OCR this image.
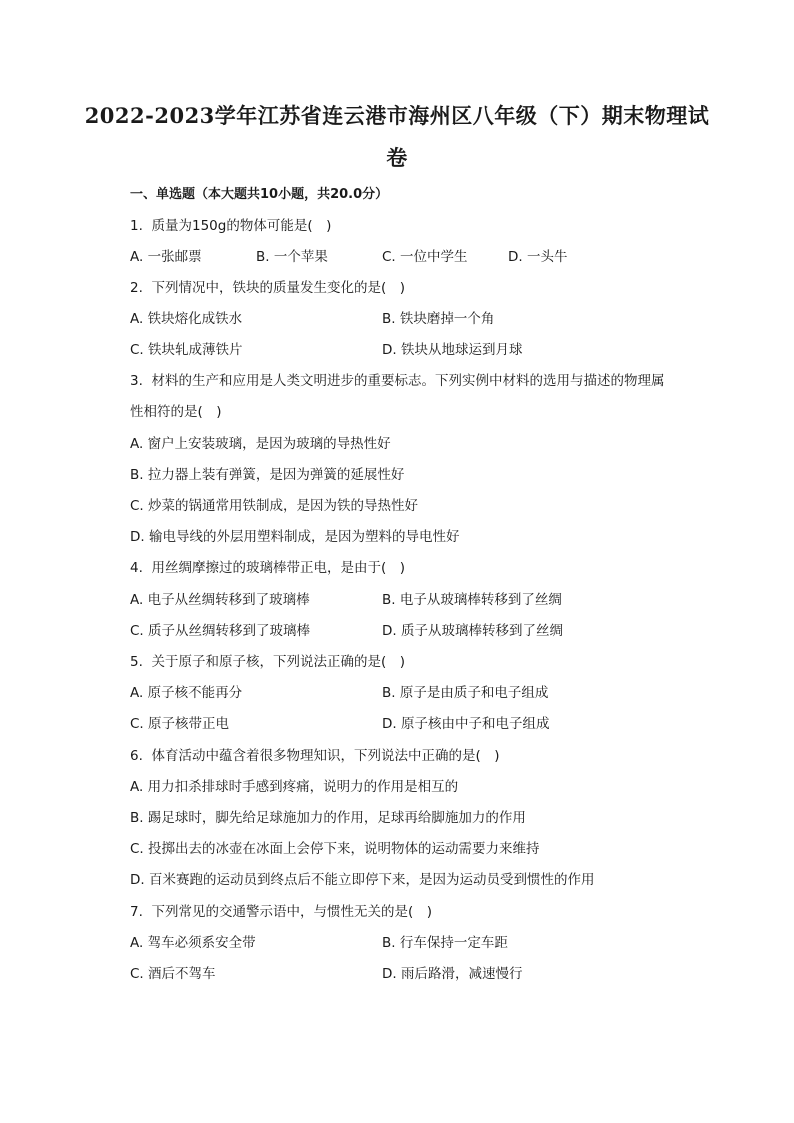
2022-2023学年江苏省连云港市海州区八年级（下）期末物理试
卷
一、单选题（本大题共10小题，共20.0分）
1. 质量为150g的物体可能是(　)
A. 一张邮票	B. 一个苹果	C. 一位中学生	D. 一头牛
2. 下列情况中，铁块的质量发生变化的是(　)
A. 铁块熔化成铁水	B. 铁块磨掉一个角
C. 铁块轧成薄铁片	D. 铁块从地球运到月球
3. 材料的生产和应用是人类文明进步的重要标志。下列实例中材料的选用与描述的物理属
性相符的是(　)
A. 窗户上安装玻璃，是因为玻璃的导热性好
B. 拉力器上装有弹簧，是因为弹簧的延展性好
C. 炒菜的锅通常用铁制成，是因为铁的导热性好
D. 输电导线的外层用塑料制成，是因为塑料的导电性好
4. 用丝绸摩擦过的玻璃棒带正电，是由于(　)
A. 电子从丝绸转移到了玻璃棒	B. 电子从玻璃棒转移到了丝绸
C. 质子从丝绸转移到了玻璃棒	D. 质子从玻璃棒转移到了丝绸
5. 关于原子和原子核，下列说法正确的是(　)
A. 原子核不能再分	B. 原子是由质子和电子组成
C. 原子核带正电	D. 原子核由中子和电子组成
6. 体育活动中蕴含着很多物理知识，下列说法中正确的是(　)
A. 用力扣杀排球时手感到疼痛，说明力的作用是相互的
B. 踢足球时，脚先给足球施加力的作用，足球再给脚施加力的作用
C. 投掷出去的冰壶在冰面上会停下来，说明物体的运动需要力来维持
D. 百米赛跑的运动员到终点后不能立即停下来，是因为运动员受到惯性的作用
7. 下列常见的交通警示语中，与惯性无关的是(　)
A. 驾车必须系安全带	B. 行车保持一定车距
C. 酒后不驾车	D. 雨后路滑，减速慢行
